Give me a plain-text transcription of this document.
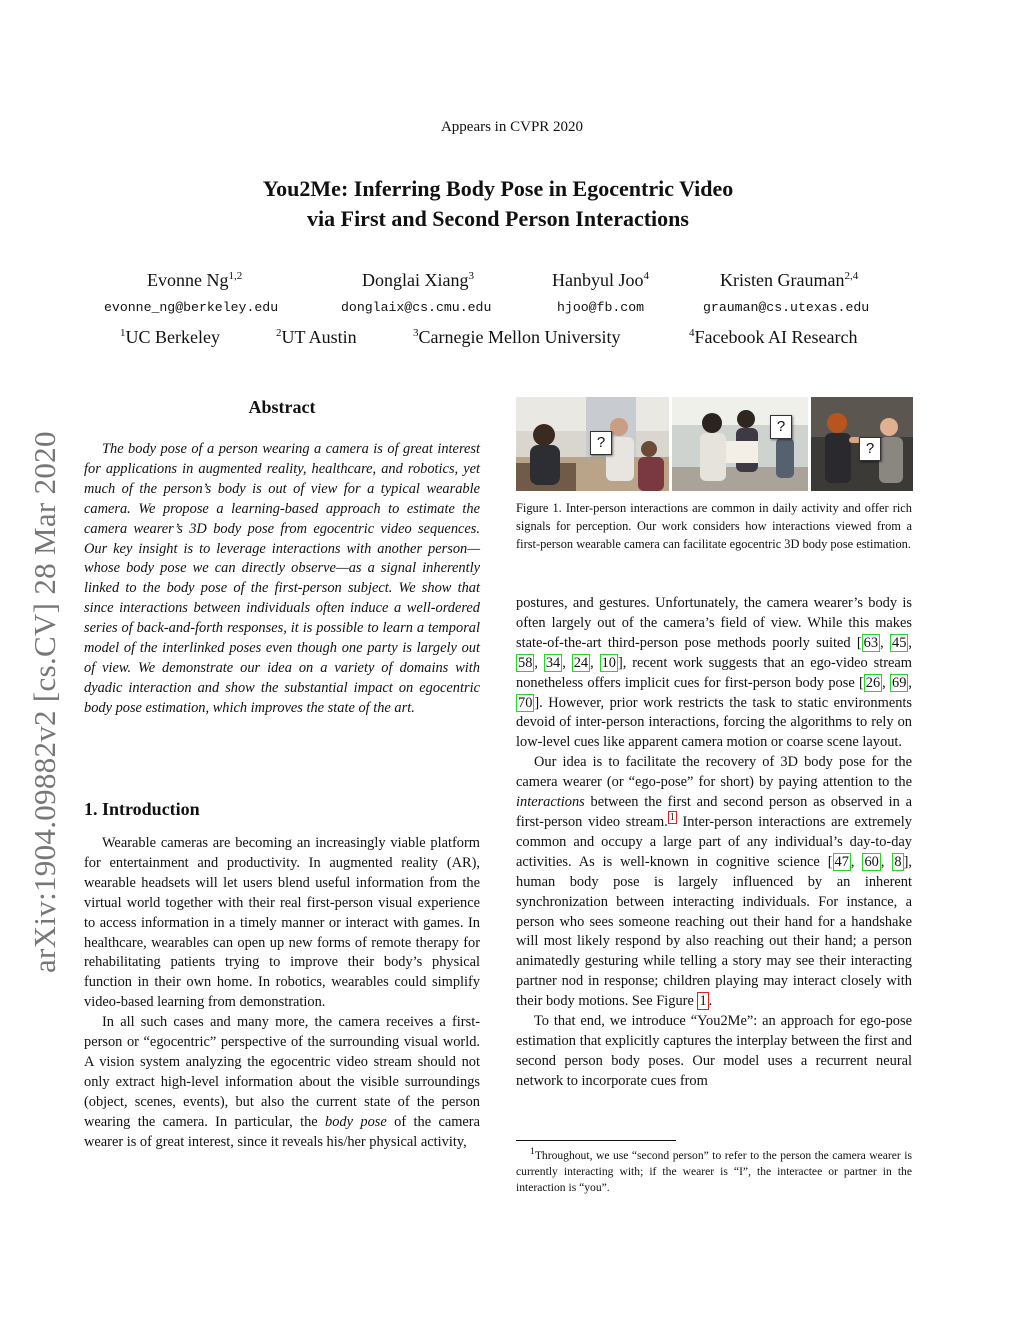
Appears in CVPR 2020
You2Me: Inferring Body Pose in Egocentric Video
via First and Second Person Interactions
Evonne Ng$^{1,2}$	Donglai Xiang$^3$	Hanbyul Joo$^4$	Kristen Grauman$^{2,4}$
evonne_ng@berkeley.edu	donglaix@cs.cmu.edu	hjoo@fb.com	grauman@cs.utexas.edu
$^1$UC Berkeley	$^2$UT Austin	$^3$Carnegie Mellon University	$^4$Facebook AI Research
arXiv:1904.09882v2 [cs.CV] 28 Mar 2020
Abstract

The body pose of a person wearing a camera is of great interest for applications in augmented reality, healthcare, and robotics, yet much of the person’s body is out of view for a typical wearable camera. We propose a learning-based approach to estimate the camera wearer’s 3D body pose from egocentric video sequences. Our key insight is to leverage interactions with another person—whose body pose we can directly observe—as a signal inherently linked to the body pose of the first-person subject. We show that since interactions between individuals often induce a well-ordered series of back-and-forth responses, it is possible to learn a temporal model of the interlinked poses even though one party is largely out of view. We demonstrate our idea on a variety of domains with dyadic interaction and show the substantial impact on egocentric body pose estimation, which improves the state of the art.

1. Introduction

Wearable cameras are becoming an increasingly viable platform for entertainment and productivity. In augmented reality (AR), wearable headsets will let users blend useful information from the virtual world together with their real first-person visual experience to access information in a timely manner or interact with games. In healthcare, wearables can open up new forms of remote therapy for rehabilitating patients trying to improve their body’s physical function in their own home. In robotics, wearables could simplify video-based learning from demonstration.

In all such cases and many more, the camera receives a first-person or “egocentric” perspective of the surrounding visual world. A vision system analyzing the egocentric video stream should not only extract high-level information about the visible surroundings (object, scenes, events), but also the current state of the person wearing the camera. In particular, the body pose of the camera wearer is of great interest, since it reveals his/her physical activity,

?
?
?
Figure 1. Inter-person interactions are common in daily activity and offer rich signals for perception. Our work considers how interactions viewed from a first-person wearable camera can facilitate egocentric 3D body pose estimation.

postures, and gestures. Unfortunately, the camera wearer’s body is often largely out of the camera’s field of view. While this makes state-of-the-art third-person pose methods poorly suited [ 63 , 45 , 58 , 34 , 24 , 10 ], recent work suggests that an ego-video stream nonetheless offers implicit cues for first-person body pose [ 26 , 69 , 70 ]. However, prior work restricts the task to static environments devoid of inter-person interactions, forcing the algorithms to rely on low-level cues like apparent camera motion or coarse scene layout.

Our idea is to facilitate the recovery of 3D body pose for the camera wearer (or “ego-pose” for short) by paying attention to the interactions between the first and second person as observed in a first-person video stream. $^1$ Inter-person interactions are extremely common and occupy a large part of any individual’s day-to-day activities. As is well-known in cognitive science [ 47 , 60 , 8 ], human body pose is largely influenced by an inherent synchronization between interacting individuals. For instance, a person who sees someone reaching out their hand for a handshake will most likely respond by also reaching out their hand; a person animatedly gesturing while telling a story may see their interacting partner nod in response; children playing may interact closely with their body motions. See Figure 1 .

To that end, we introduce “You2Me”: an approach for ego-pose estimation that explicitly captures the interplay between the first and second person body poses. Our model uses a recurrent neural network to incorporate cues from

$^1$Throughout, we use “second person” to refer to the person the camera wearer is currently interacting with; if the wearer is “I”, the interactee or partner in the interaction is “you”.
